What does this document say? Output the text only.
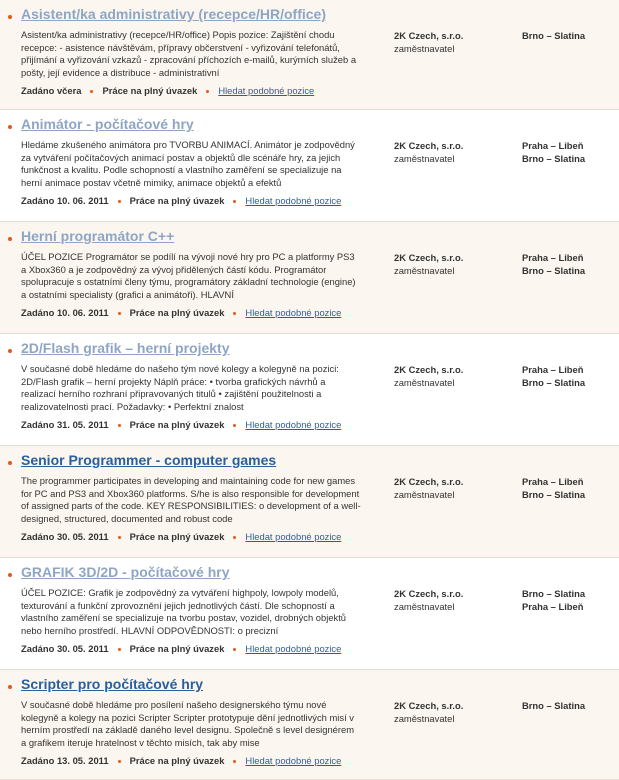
Asistent/ka administrativy (recepce/HR/office)
Asistent/ka administrativy (recepce/HR/office) Popis pozice: Zajištění chodu recepce: - asistence návštěvám, přípravy občerstvení - vyřizování telefonátů, přijímání a vyřizování vzkazů - zpracování příchozích e-mailů, kurýrních služeb a pošty, její evidence a distribuce - administrativní
2K Czech, s.r.o.
zaměstnavatel
Brno – Slatina
Zadáno včera Práce na plný úvazek Hledat podobné pozice
Animátor - počítačové hry
Hledáme zkušeného animátora pro TVORBU ANIMACÍ. Animátor je zodpovědný za vytváření počítačových animací postav a objektů dle scénáře hry, za jejich funkčnost a kvalitu. Podle schopností a vlastního zaměření se specializuje na herní animace postav včetně mimiky, animace objektů a efektů
2K Czech, s.r.o.
zaměstnavatel
Praha – Libeň
Brno – Slatina
Zadáno 10. 06. 2011 Práce na plný úvazek Hledat podobné pozice
Herní programátor C++
ÚČEL POZICE Programátor se podílí na vývoji nové hry pro PC a platformy PS3 a Xbox360 a je zodpovědný za vývoj přidělených částí kódu. Programátor spolupracuje s ostatními členy týmu, programátory základní technologie (engine) a ostatními specialisty (grafici a animátoři). HLAVNÍ
2K Czech, s.r.o.
zaměstnavatel
Praha – Libeň
Brno – Slatina
Zadáno 10. 06. 2011 Práce na plný úvazek Hledat podobné pozice
2D/Flash grafik – herní projekty
V současné době hledáme do našeho tým nové kolegy a kolegyně na pozici: 2D/Flash grafik – herní projekty Náplň práce: • tvorba grafických návrhů a realizací herního rozhraní připravovaných titulů • zajištění použitelnosti a realizovatelnosti prací. Požadavky: • Perfektní znalost
2K Czech, s.r.o.
zaměstnavatel
Praha – Libeň
Brno – Slatina
Zadáno 31. 05. 2011 Práce na plný úvazek Hledat podobné pozice
Senior Programmer - computer games
The programmer participates in developing and maintaining code for new games for PC and PS3 and Xbox360 platforms. S/he is also responsible for development of assigned parts of the code. KEY RESPONSIBILITIES: o development of a well-designed, structured, documented and robust code
2K Czech, s.r.o.
zaměstnavatel
Praha – Libeň
Brno – Slatina
Zadáno 30. 05. 2011 Práce na plný úvazek Hledat podobné pozice
GRAFIK 3D/2D - počítačové hry
ÚČEL POZICE: Grafik je zodpovědný za vytváření highpoly, lowpoly modelů, texturování a funkční zprovoznění jejich jednotlivých částí. Dle schopností a vlastního zaměření se specializuje na tvorbu postav, vozidel, drobných objektů nebo herního prostředí. HLAVNÍ ODPOVĚDNOSTI: o precizní
2K Czech, s.r.o.
zaměstnavatel
Brno – Slatina
Praha – Libeň
Zadáno 30. 05. 2011 Práce na plný úvazek Hledat podobné pozice
Scripter pro počítačové hry
V současné době hledáme pro posílení našeho designerského týmu nové kolegyně a kolegy na pozici Scripter Scripter prototypuje dění jednotlivých misí v herním prostředí na základě daného level designu. Společně s level designérem a grafikem iteruje hratelnost v těchto misích, tak aby mise
2K Czech, s.r.o.
zaměstnavatel
Brno – Slatina
Zadáno 13. 05. 2011 Práce na plný úvazek Hledat podobné pozice
